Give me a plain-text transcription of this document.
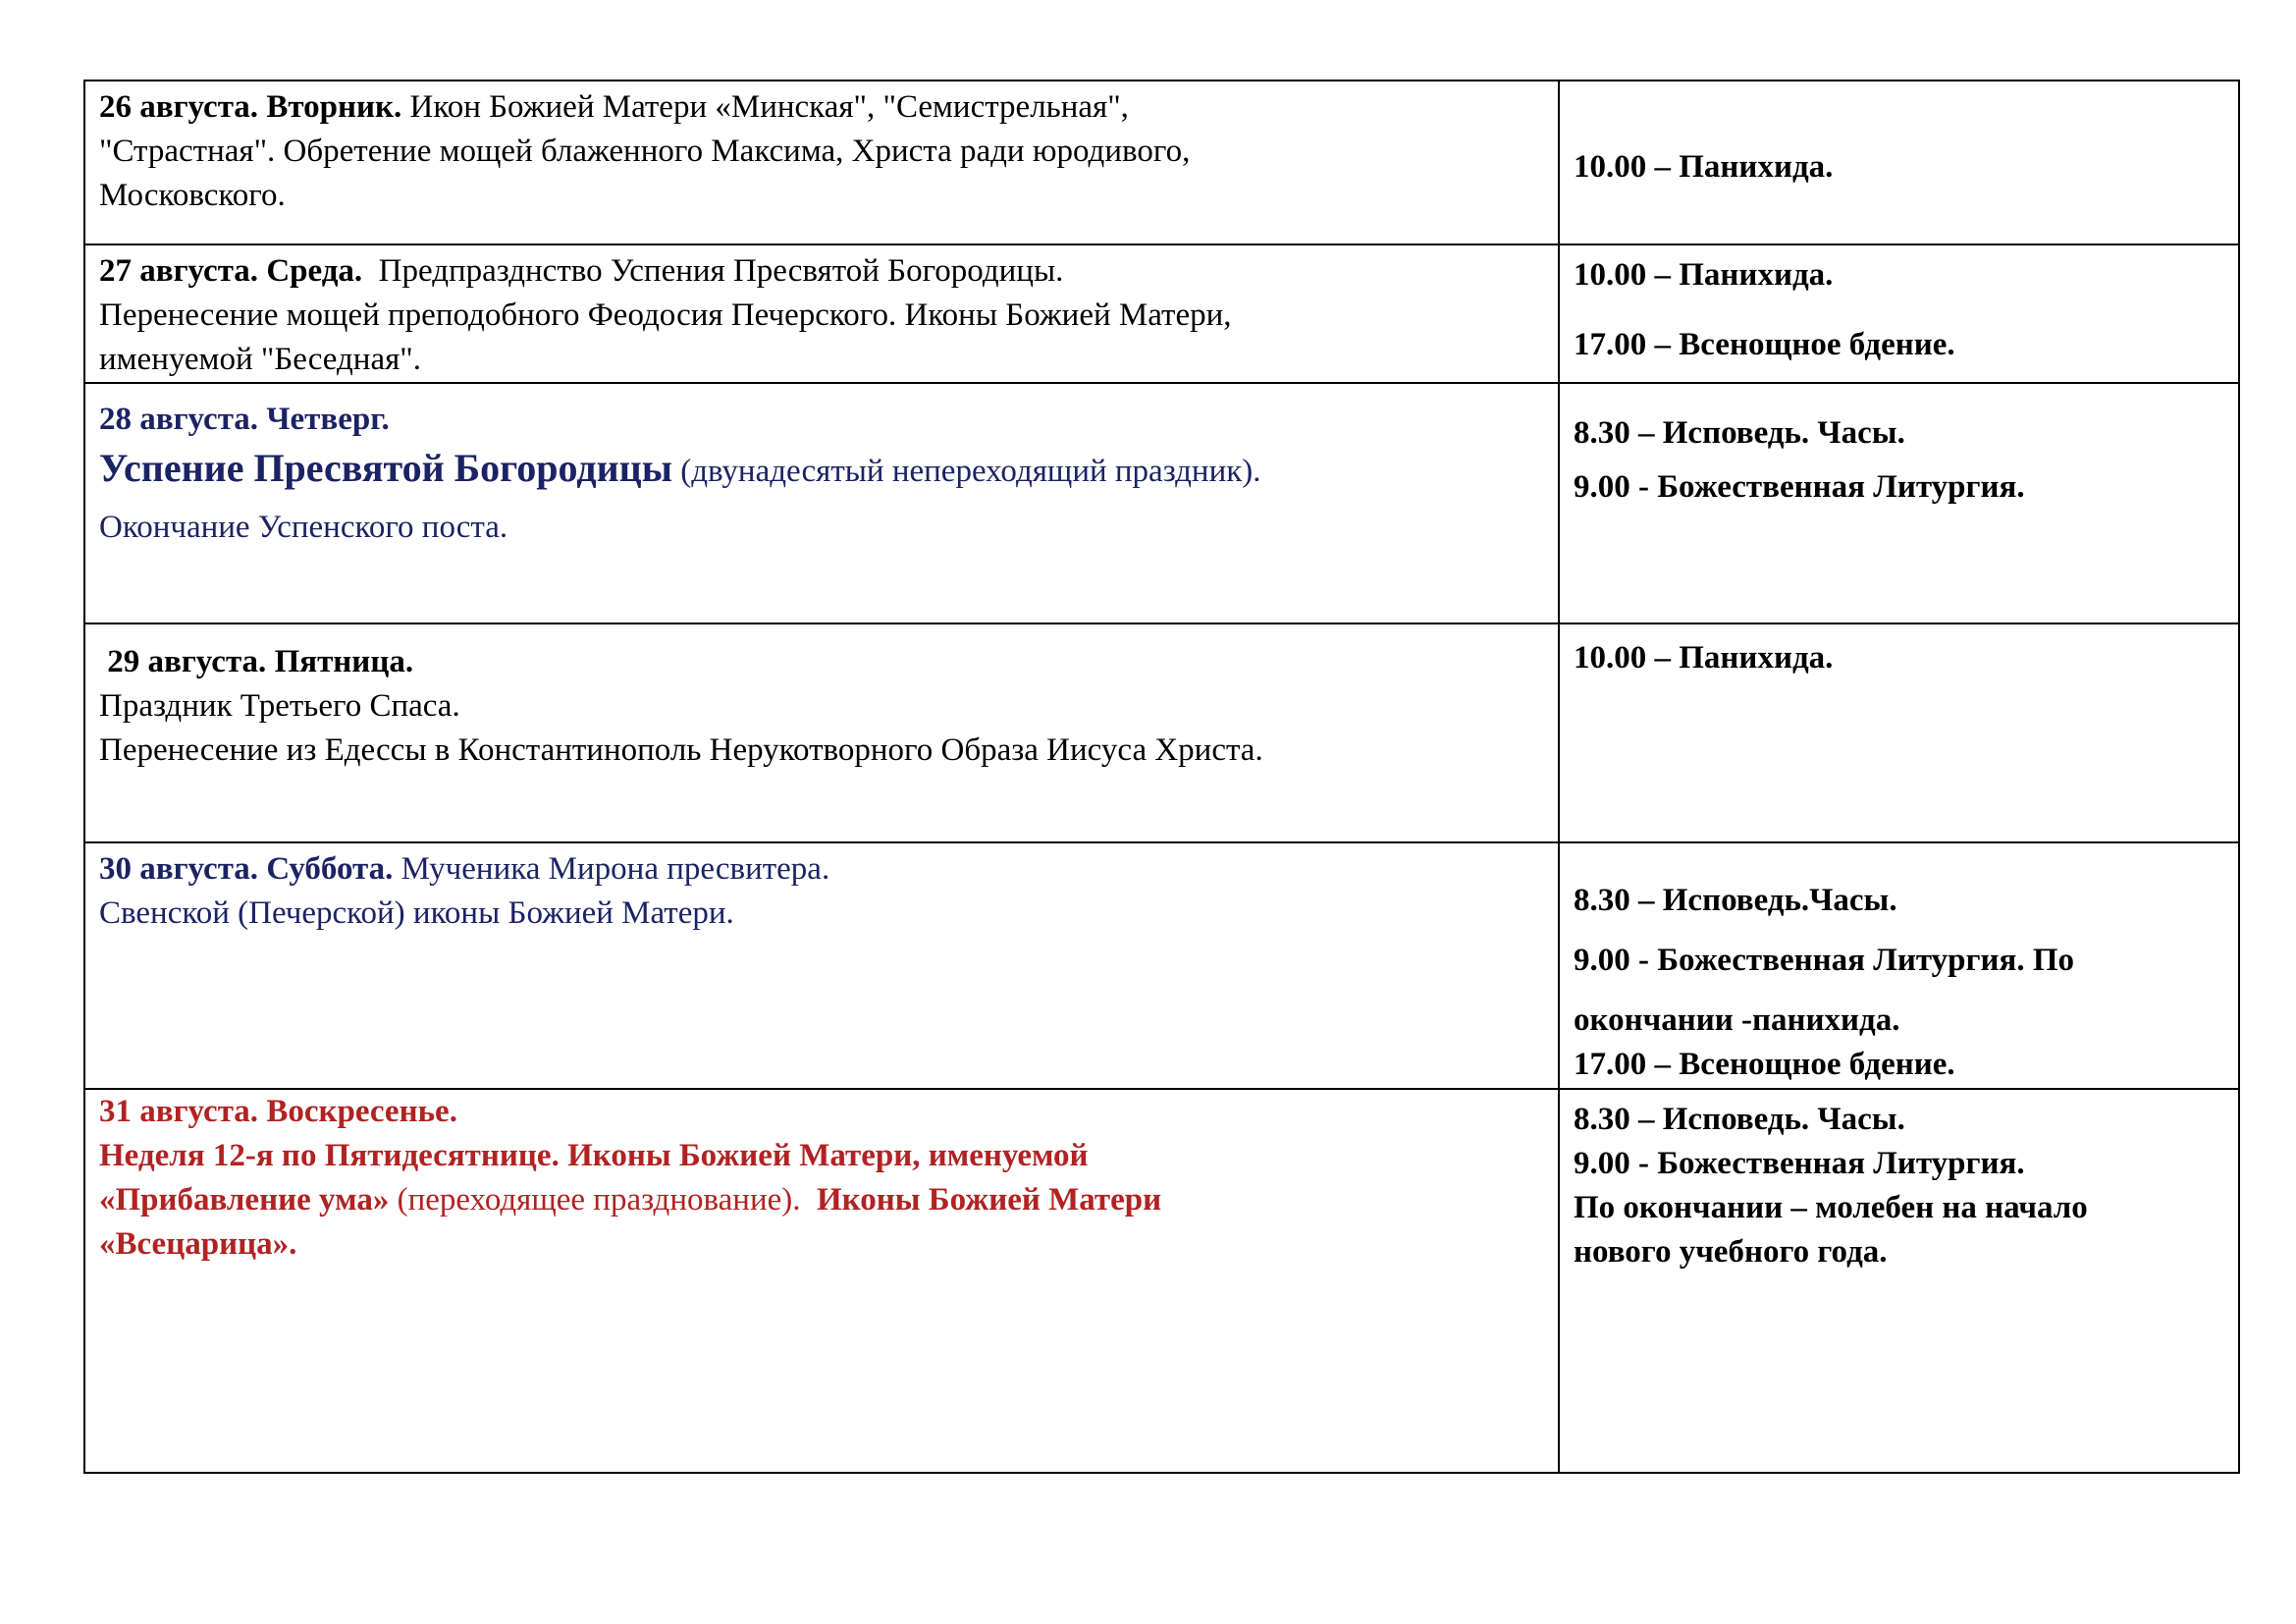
26 августа. Вторник. Икон Божией Матери «Минская", "Семистрельная",
"Страстная". Обретение мощей блаженного Максима, Христа ради юродивого,
Московского.	10.00 – Панихида.

27 августа. Среда. Предпразднство Успения Пресвятой Богородицы.
Перенесение мощей преподобного Феодосия Печерского. Иконы Божией Матери,
именуемой "Беседная".	10.00 – Панихида.
17.00 – Всенощное бдение.

28 августа. Четверг.
Успение Пресвятой Богородицы (двунадесятый непереходящий праздник).
Окончание Успенского поста.	8.30 – Исповедь. Часы.
9.00 - Божественная Литургия.

29 августа. Пятница.
Праздник Третьего Спаса.
Перенесение из Едессы в Константинополь Нерукотворного Образа Иисуса Христа.	10.00 – Панихида.

30 августа. Суббота. Мученика Мирона пресвитера.
Свенской (Печерской) иконы Божией Матери.	8.30 – Исповедь.Часы.
9.00 - Божественная Литургия. По
окончании -панихида.
17.00 – Всенощное бдение.

31 августа. Воскресенье.
Неделя 12-я по Пятидесятнице. Иконы Божией Матери, именуемой
«Прибавление ума» (переходящее празднование). Иконы Божией Матери
«Всецарица».	8.30 – Исповедь. Часы.
9.00 - Божественная Литургия.
По окончании – молебен на начало
нового учебного года.
